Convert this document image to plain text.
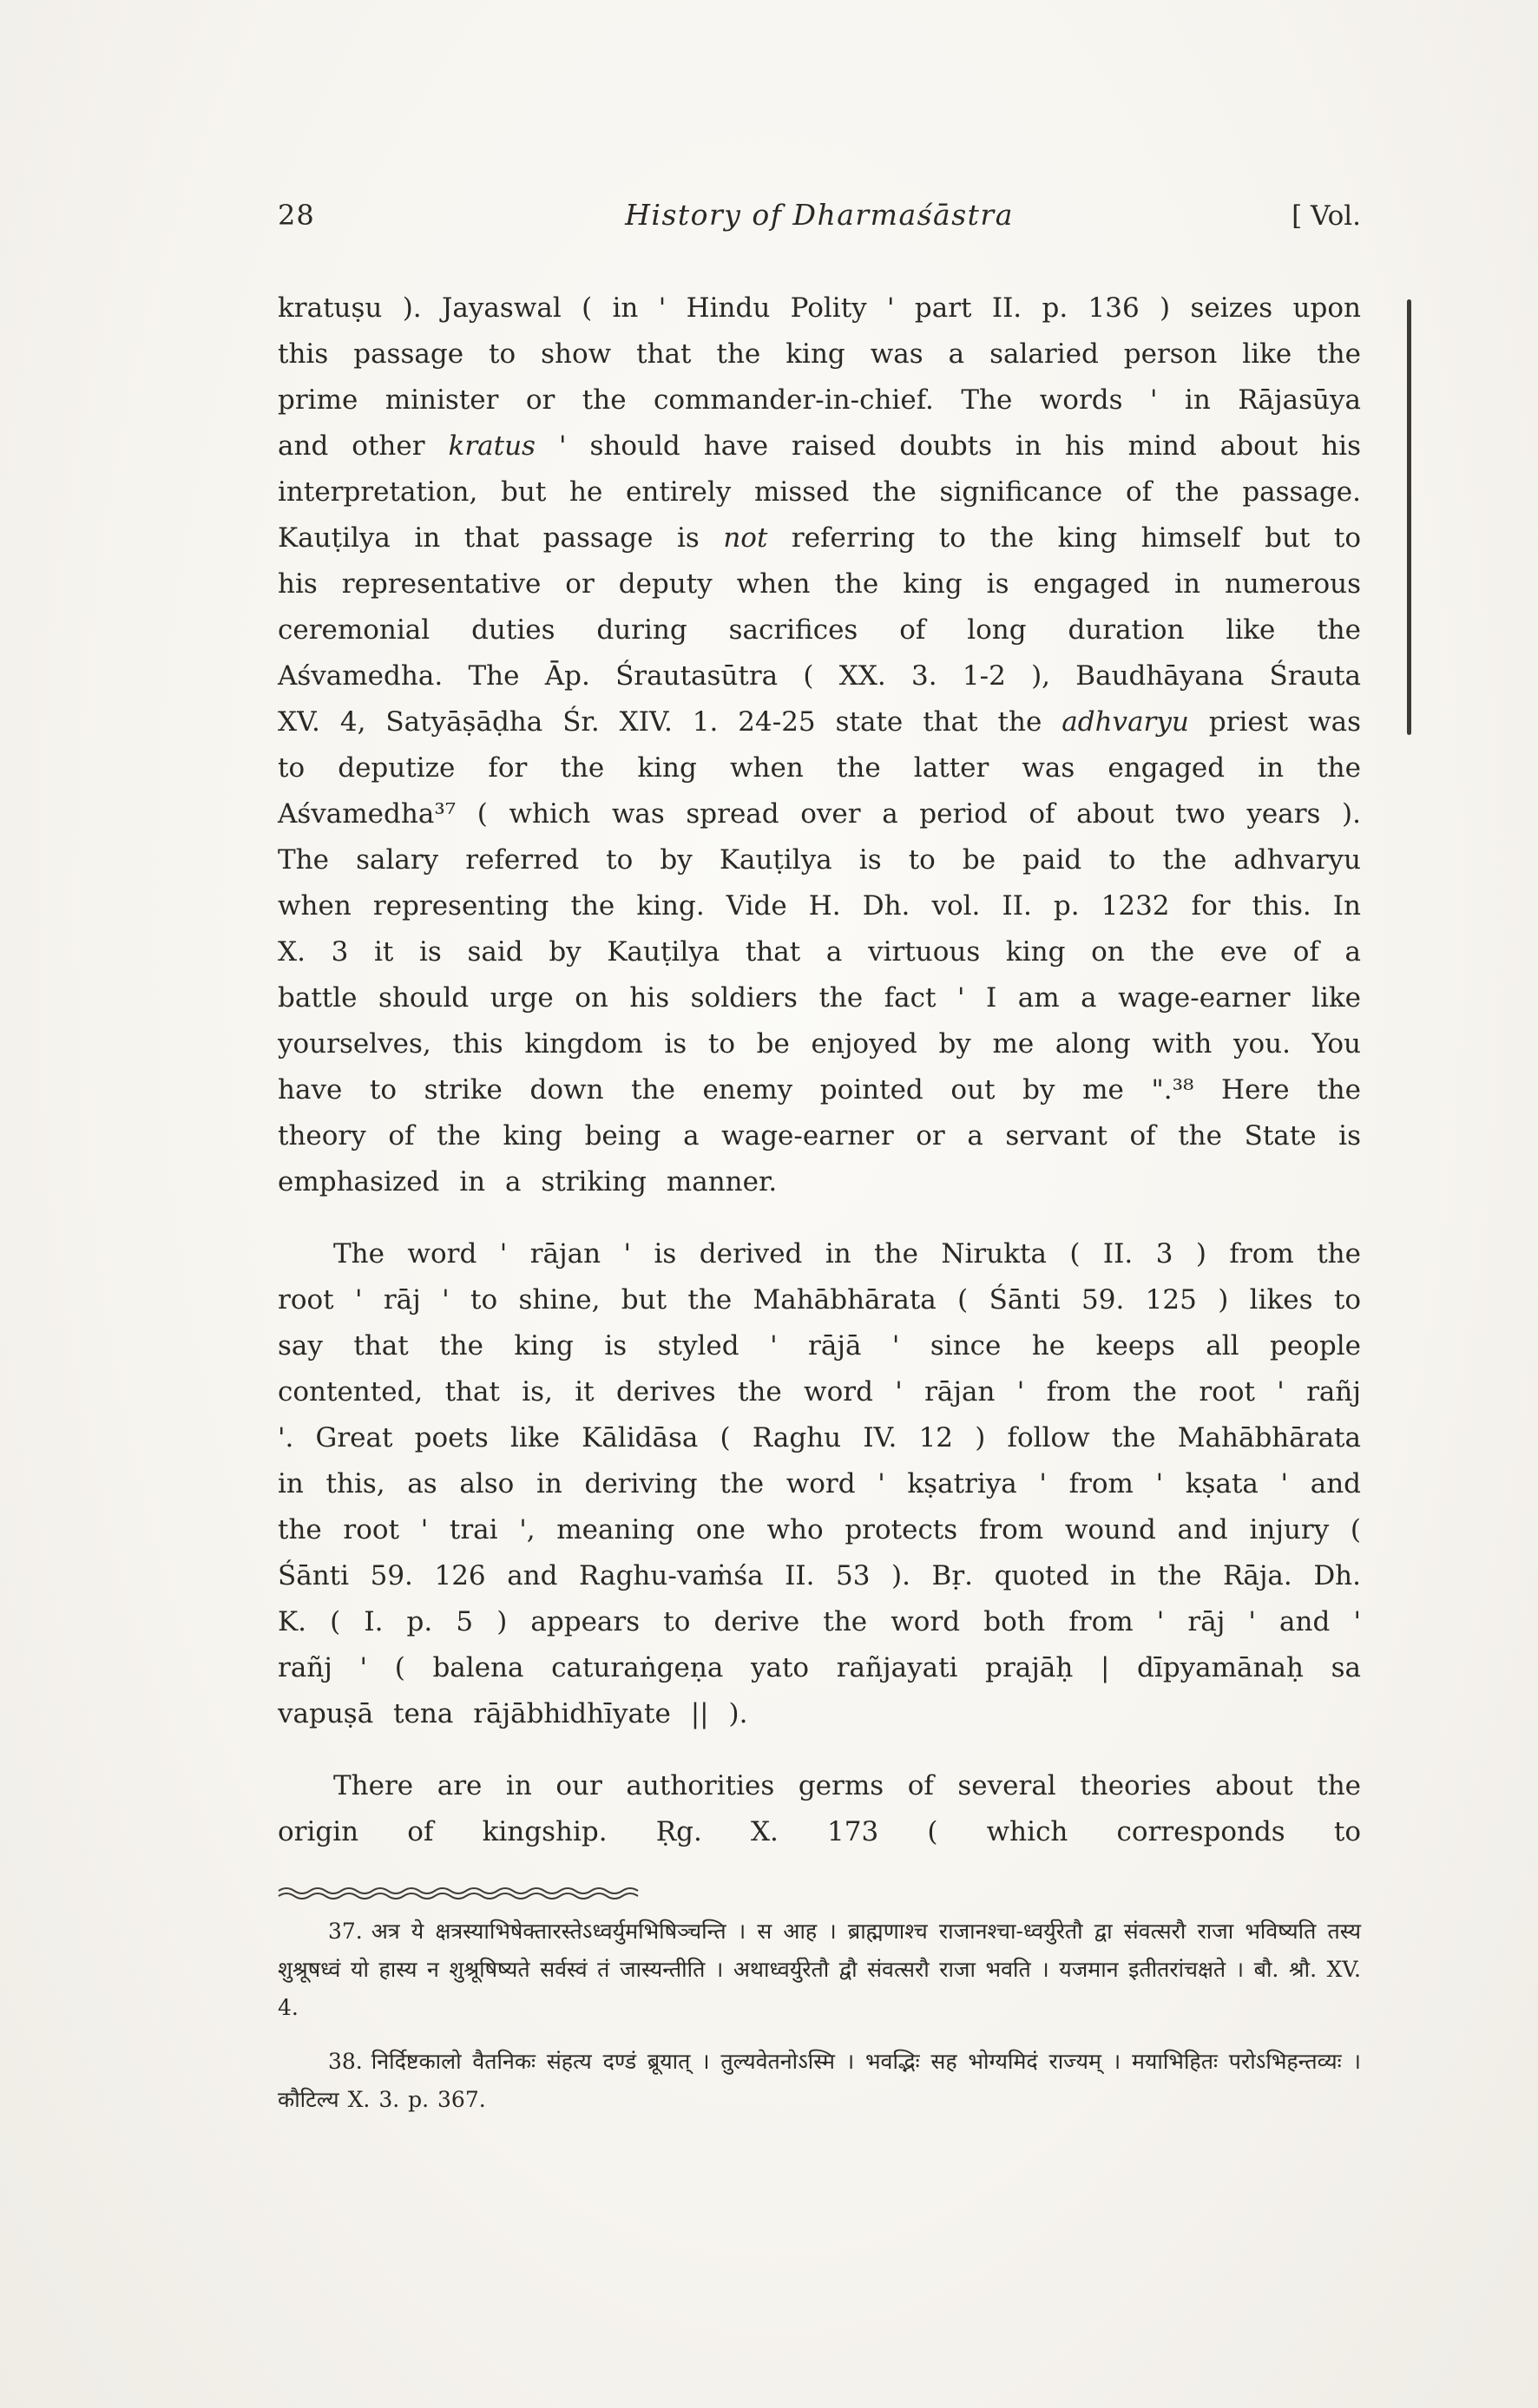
28	History of Dharmaśāstra	[ Vol.

kratuṣu ). Jayaswal ( in ' Hindu Polity ' part II. p. 136 ) seizes upon this passage to show that the king was a salaried person like the prime minister or the commander-in-chief. The words ' in Rājasūya and other kratus ' should have raised doubts in his mind about his interpretation, but he entirely missed the significance of the passage. Kauṭilya in that passage is not referring to the king himself but to his representative or deputy when the king is engaged in numerous ceremonial duties during sacrifices of long duration like the Aśvamedha. The Āp. Śrautasūtra ( XX. 3. 1-2 ), Baudhāyana Śrauta XV. 4, Satyāṣāḍha Śr. XIV. 1. 24-25 state that the adhvaryu priest was to deputize for the king when the latter was engaged in the Aśvamedha³⁷ ( which was spread over a period of about two years ). The salary referred to by Kauṭilya is to be paid to the adhvaryu when representing the king. Vide H. Dh. vol. II. p. 1232 for this. In X. 3 it is said by Kauṭilya that a virtuous king on the eve of a battle should urge on his soldiers the fact ' I am a wage-earner like yourselves, this kingdom is to be enjoyed by me along with you. You have to strike down the enemy pointed out by me ".³⁸ Here the theory of the king being a wage-earner or a servant of the State is emphasized in a striking manner.

The word ' rājan ' is derived in the Nirukta ( II. 3 ) from the root ' rāj ' to shine, but the Mahābhārata ( Śānti 59. 125 ) likes to say that the king is styled ' rājā ' since he keeps all people contented, that is, it derives the word ' rājan ' from the root ' rañj '. Great poets like Kālidāsa ( Raghu IV. 12 ) follow the Mahābhārata in this, as also in deriving the word ' kṣatriya ' from ' kṣata ' and the root ' trai ', meaning one who protects from wound and injury ( Śānti 59. 126 and Raghu-vaṁśa II. 53 ). Bṛ. quoted in the Rāja. Dh. K. ( I. p. 5 ) appears to derive the word both from ' rāj ' and ' rañj ' ( balena caturaṅgeṇa yato rañjayati prajāḥ | dīpyamānaḥ sa vapuṣā tena rājābhidhīyate || ).

There are in our authorities germs of several theories about the origin of kingship. Ṛg. X. 173 ( which corresponds to

37. अत्र ये क्षत्रस्याभिषेक्तारस्तेऽध्वर्युमभिषिञ्चन्ति । स आह । ब्राह्मणाश्च राजानश्चा-ध्वर्युरेतौ द्वा संवत्सरौ राजा भविष्यति तस्य शुश्रूषध्वं यो हास्य न शुश्रूषिष्यते सर्वस्वं तं जास्यन्तीति । अथाध्वर्युरेतौ द्वौ संवत्सरौ राजा भवति । यजमान इतीतरांचक्षते । बौ. श्रौ. XV. 4.

38. निर्दिष्टकालो वैतनिकः संहत्य दण्डं ब्रूयात् । तुल्यवेतनोऽस्मि । भवद्भिः सह भोग्यमिदं राज्यम् । मयाभिहितः परोऽभिहन्तव्यः । कौटिल्य X. 3. p. 367.
